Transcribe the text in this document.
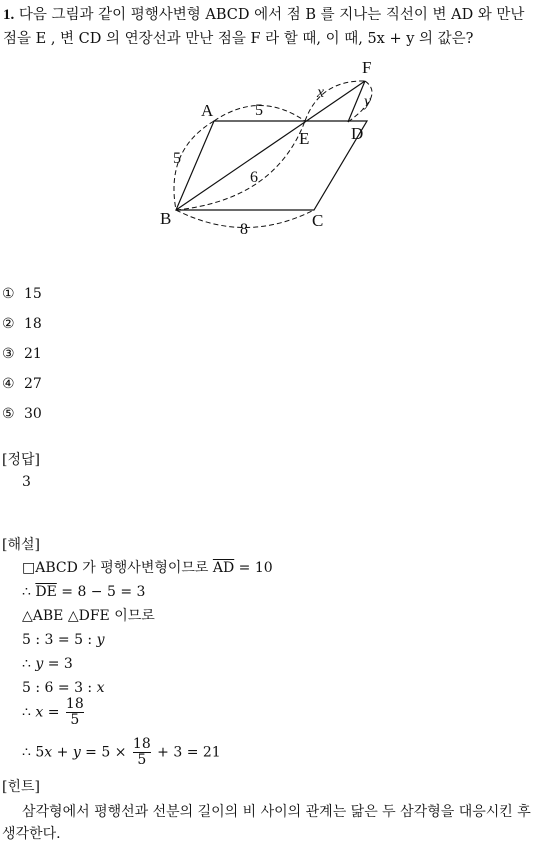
1. 다음 그림과 같이 평행사변형 ABCD 에서 점 B 를 지나는 직선이 변 AD 와 만난 점을 E , 변 CD 의 연장선과 만난 점을 F 라 할 때, 이 때, 5x + y 의 값은?
A
B	C
D
E
F
5
5
6
8
x
y
① 15
② 18
③ 21
④ 27
⑤ 30
[정답]
3
[해설]
□ABCD 가 평행사변형이므로 $\overline{AD} = 10$
∴ $\overline{DE} = 8 - 5 = 3$
△ABE △DFE 이므로
5 : 3 = 5 : y
∴ y = 3
5 : 6 = 3 : x
∴ $x = \frac{18}{5}$
∴ $5x + y = 5 \times \frac{18}{5} + 3 = 21$
[힌트]
삼각형에서 평행선과 선분의 길이의 비 사이의 관계는 닮은 두 삼각형을 대응시킨 후 생각한다.
